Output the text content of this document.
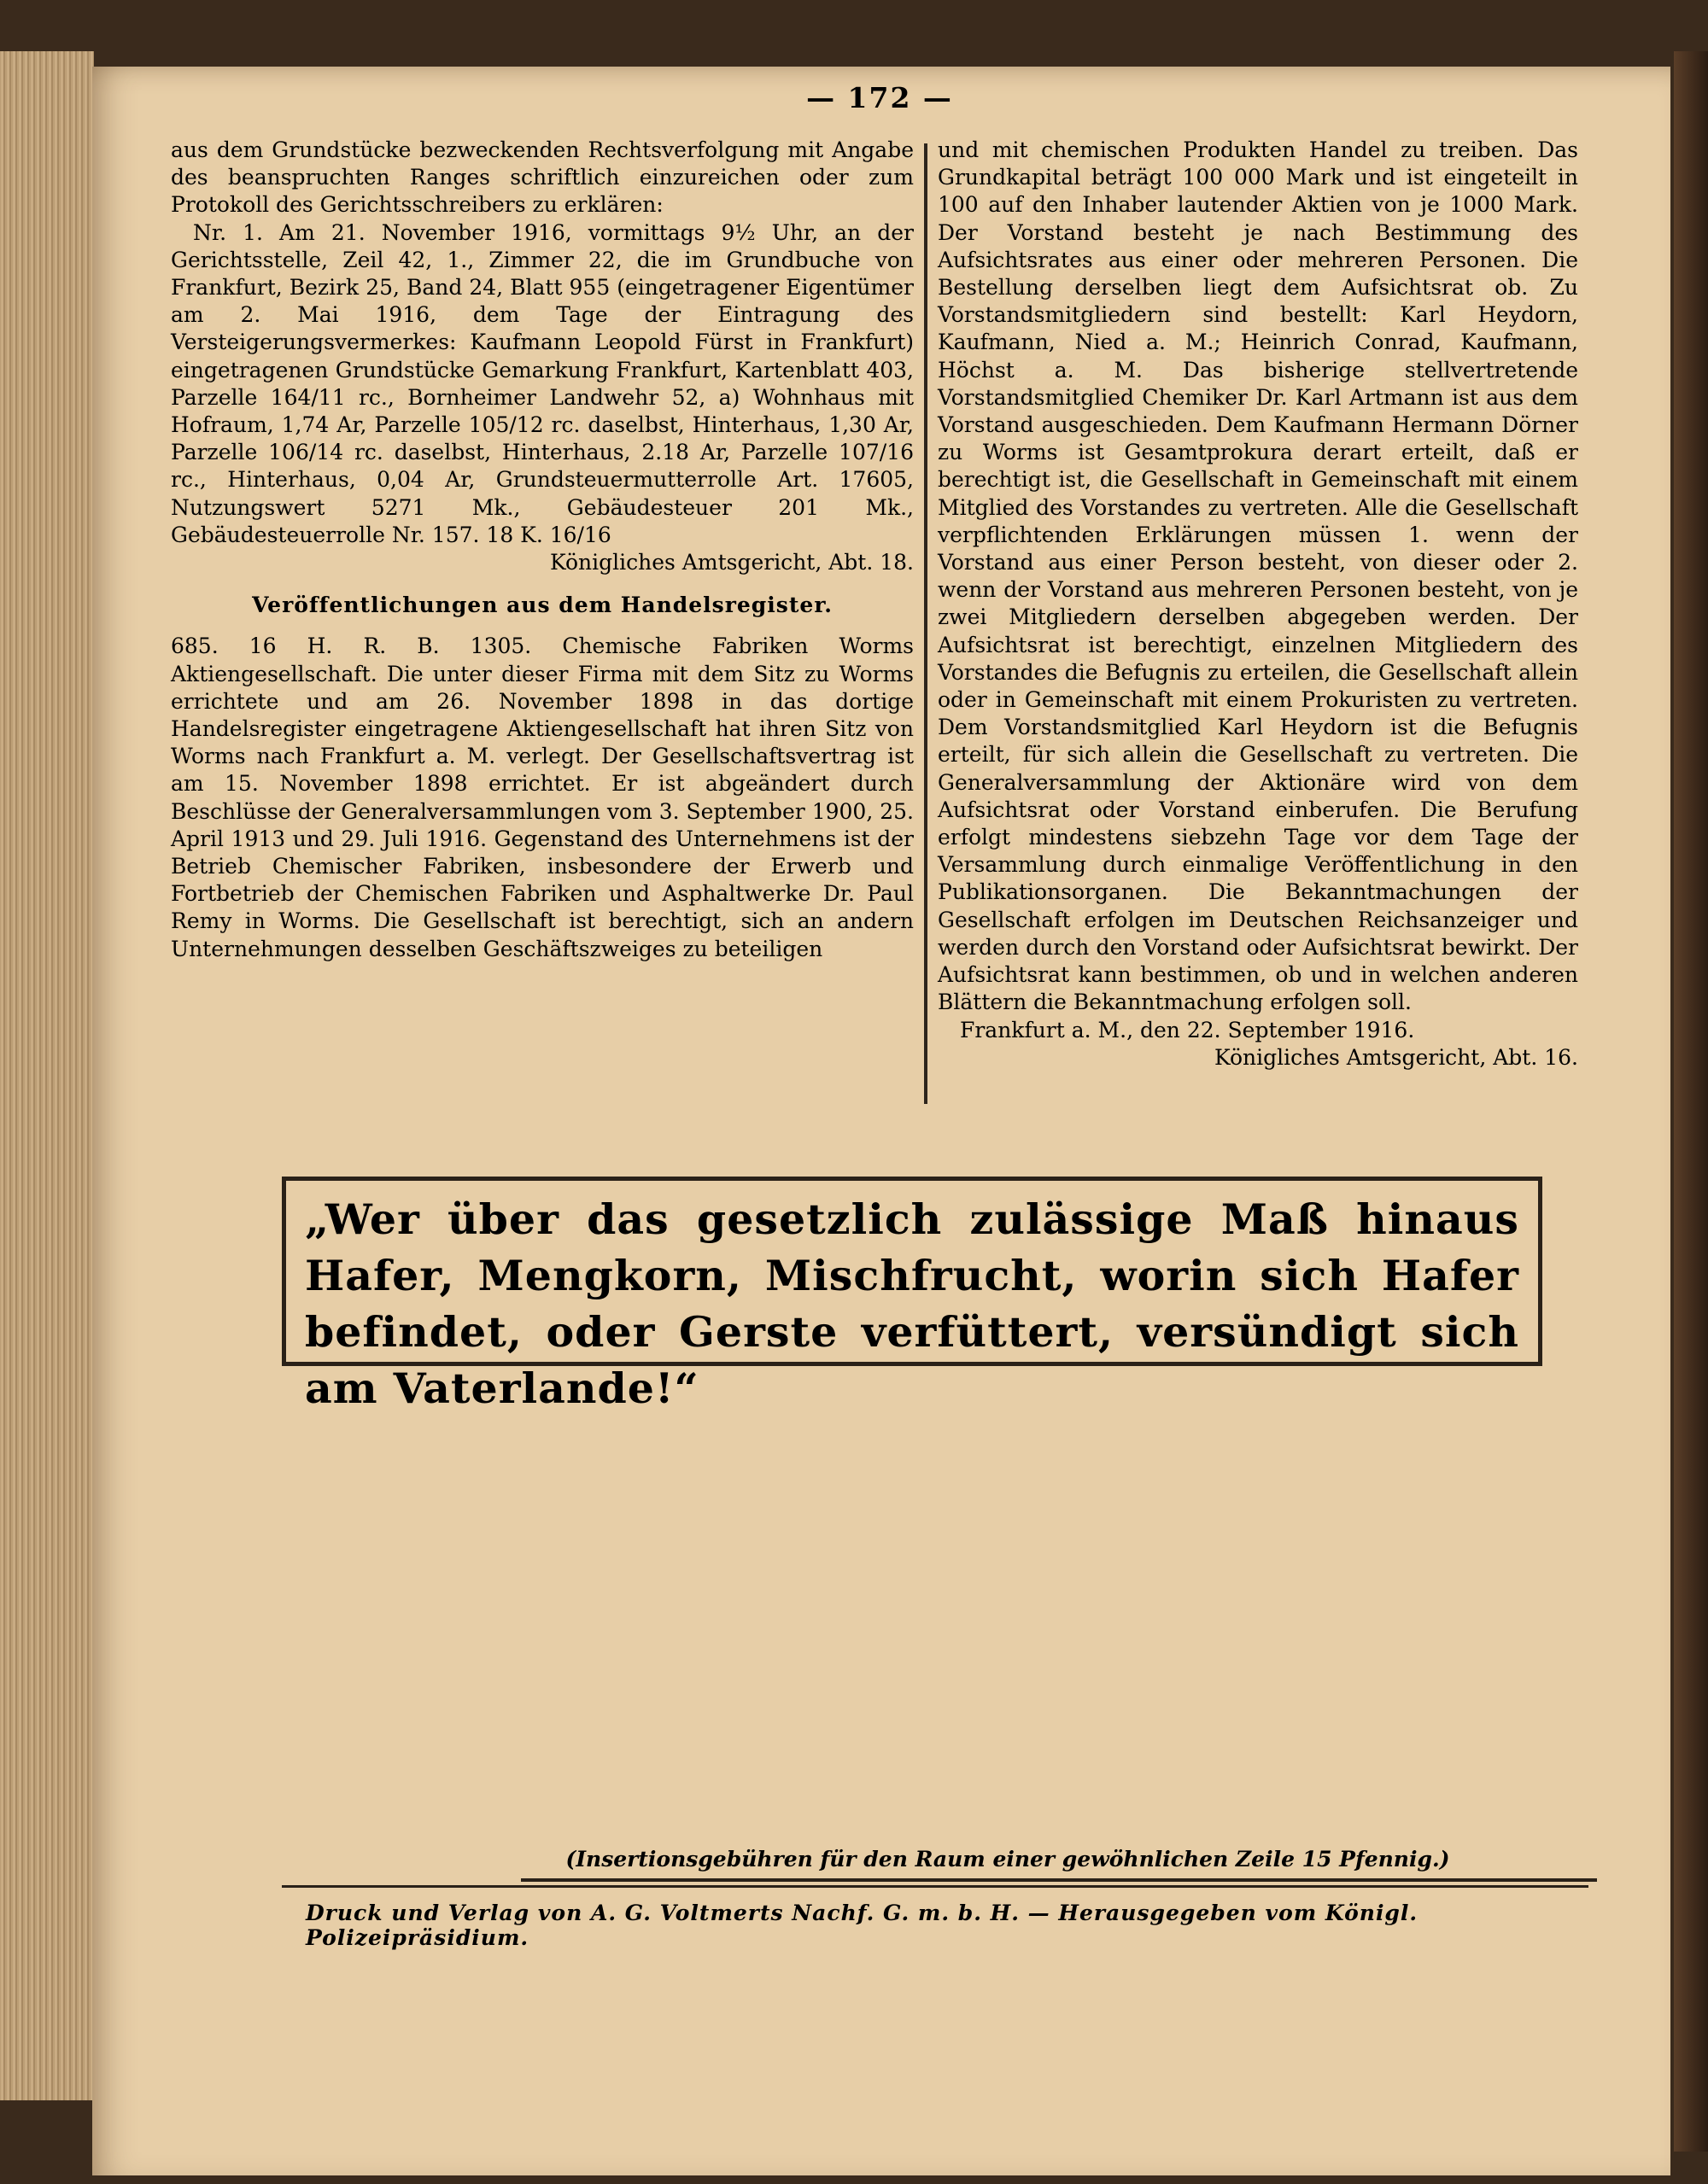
— 172 —

aus dem Grundstücke bezweckenden Rechtsverfolgung mit Angabe des beanspruchten Ranges schriftlich einzureichen oder zum Protokoll des Gerichtsschreibers zu erklären:

Nr. 1. Am 21. November 1916, vormittags 9½ Uhr, an der Gerichtsstelle, Zeil 42, 1., Zimmer 22, die im Grundbuche von Frankfurt, Bezirk 25, Band 24, Blatt 955 (eingetragener Eigentümer am 2. Mai 1916, dem Tage der Eintragung des Versteigerungsvermerkes: Kaufmann Leopold Fürst in Frankfurt) eingetragenen Grundstücke Gemarkung Frankfurt, Kartenblatt 403, Parzelle 164/11 rc., Bornheimer Landwehr 52, a) Wohnhaus mit Hofraum, 1,74 Ar, Parzelle 105/12 rc. daselbst, Hinterhaus, 1,30 Ar, Parzelle 106/14 rc. daselbst, Hinterhaus, 2.18 Ar, Parzelle 107/16 rc., Hinterhaus, 0,04 Ar, Grundsteuermutterrolle Art. 17605, Nutzungswert 5271 Mk., Gebäudesteuer 201 Mk., Gebäudesteuerrolle Nr. 157. 18 K. 16/16

Königliches Amtsgericht, Abt. 18.

Veröffentlichungen aus dem Handelsregister.

685. 16 H. R. B. 1305. Chemische Fabriken Worms Aktiengesellschaft. Die unter dieser Firma mit dem Sitz zu Worms errichtete und am 26. November 1898 in das dortige Handelsregister eingetragene Aktiengesellschaft hat ihren Sitz von Worms nach Frankfurt a. M. verlegt. Der Gesellschaftsvertrag ist am 15. November 1898 errichtet. Er ist abgeändert durch Beschlüsse der Generalversammlungen vom 3. September 1900, 25. April 1913 und 29. Juli 1916. Gegenstand des Unternehmens ist der Betrieb Chemischer Fabriken, insbesondere der Erwerb und Fortbetrieb der Chemischen Fabriken und Asphaltwerke Dr. Paul Remy in Worms. Die Gesellschaft ist berechtigt, sich an andern Unternehmungen desselben Geschäftszweiges zu beteiligen

und mit chemischen Produkten Handel zu treiben. Das Grundkapital beträgt 100 000 Mark und ist eingeteilt in 100 auf den Inhaber lautender Aktien von je 1000 Mark. Der Vorstand besteht je nach Bestimmung des Aufsichtsrates aus einer oder mehreren Personen. Die Bestellung derselben liegt dem Aufsichtsrat ob. Zu Vorstandsmitgliedern sind bestellt: Karl Heydorn, Kaufmann, Nied a. M.; Heinrich Conrad, Kaufmann, Höchst a. M. Das bisherige stellvertretende Vorstandsmitglied Chemiker Dr. Karl Artmann ist aus dem Vorstand ausgeschieden. Dem Kaufmann Hermann Dörner zu Worms ist Gesamtprokura derart erteilt, daß er berechtigt ist, die Gesellschaft in Gemeinschaft mit einem Mitglied des Vorstandes zu vertreten. Alle die Gesellschaft verpflichtenden Erklärungen müssen 1. wenn der Vorstand aus einer Person besteht, von dieser oder 2. wenn der Vorstand aus mehreren Personen besteht, von je zwei Mitgliedern derselben abgegeben werden. Der Aufsichtsrat ist berechtigt, einzelnen Mitgliedern des Vorstandes die Befugnis zu erteilen, die Gesellschaft allein oder in Gemeinschaft mit einem Prokuristen zu vertreten. Dem Vorstandsmitglied Karl Heydorn ist die Befugnis erteilt, für sich allein die Gesellschaft zu vertreten. Die Generalversammlung der Aktionäre wird von dem Aufsichtsrat oder Vorstand einberufen. Die Berufung erfolgt mindestens siebzehn Tage vor dem Tage der Versammlung durch einmalige Veröffentlichung in den Publikationsorganen. Die Bekanntmachungen der Gesellschaft erfolgen im Deutschen Reichsanzeiger und werden durch den Vorstand oder Aufsichtsrat bewirkt. Der Aufsichtsrat kann bestimmen, ob und in welchen anderen Blättern die Bekanntmachung erfolgen soll.

Frankfurt a. M., den 22. September 1916.

Königliches Amtsgericht, Abt. 16.

„Wer über das gesetzlich zulässige Maß hinaus Hafer, Mengkorn, Mischfrucht, worin sich Hafer befindet, oder Gerste verfüttert, versündigt sich am Vaterlande!“
(Insertionsgebühren für den Raum einer gewöhnlichen Zeile 15 Pfennig.)
Druck und Verlag von A. G. Voltmerts Nachf. G. m. b. H. — Herausgegeben vom Königl. Polizeipräsidium.
